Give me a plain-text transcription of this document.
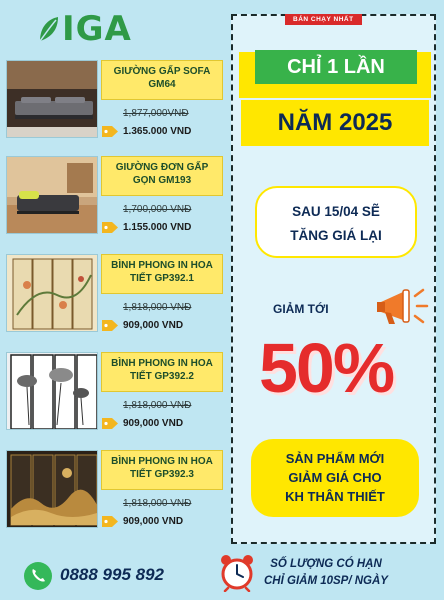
IGA
GIƯỜNG GẤP SOFA GM64
1,877,000VNĐ
1.365.000 VND
GIƯỜNG ĐƠN GẤP GỌN GM193
1,700,000 VNĐ
1.155.000 VND
BÌNH PHONG IN HOA TIẾT GP392.1
1,818,000 VNĐ
909,000 VND
BÌNH PHONG IN HOA TIẾT GP392.2
1,818,000 VNĐ
909,000 VND
BÌNH PHONG IN HOA TIẾT GP392.3
1,818,000 VNĐ
909,000 VND
BÁN CHẠY NHẤT
CHỈ 1 LẦN
NĂM 2025
SAU 15/04 SẼ
TĂNG GIÁ LẠI
GIẢM TỚI
50%
SẢN PHẨM MỚI
GIẢM GIÁ CHO
KH THÂN THIẾT
0888 995 892
SỐ LƯỢNG CÓ HẠN
CHỈ GIẢM 10SP/ NGÀY
